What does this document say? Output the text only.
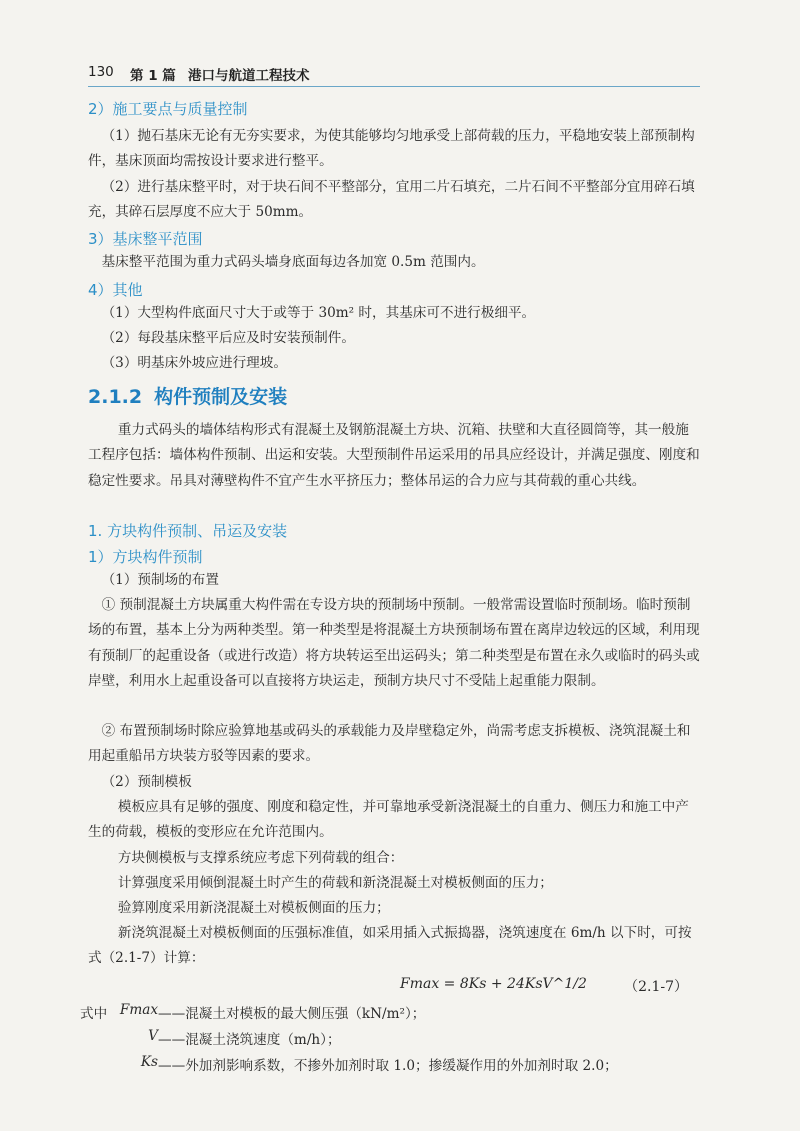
130 第 1 篇 港口与航道工程技术
2）施工要点与质量控制
（1）抛石基床无论有无夯实要求，为使其能够均匀地承受上部荷载的压力，平稳地安装上部预制构件，基床顶面均需按设计要求进行整平。
（2）进行基床整平时，对于块石间不平整部分，宜用二片石填充，二片石间不平整部分宜用碎石填充，其碎石层厚度不应大于 50mm。
3）基床整平范围
基床整平范围为重力式码头墙身底面每边各加宽 0.5m 范围内。
4）其他
（1）大型构件底面尺寸大于或等于 30m² 时，其基床可不进行极细平。
（2）每段基床整平后应及时安装预制件。
（3）明基床外坡应进行理坡。
2.1.2 构件预制及安装
重力式码头的墙体结构形式有混凝土及钢筋混凝土方块、沉箱、扶壁和大直径圆筒等，其一般施工程序包括：墙体构件预制、出运和安装。大型预制件吊运采用的吊具应经设计，并满足强度、刚度和稳定性要求。吊具对薄壁构件不宜产生水平挤压力；整体吊运的合力应与其荷载的重心共线。
1. 方块构件预制、吊运及安装
1）方块构件预制
（1）预制场的布置
① 预制混凝土方块属重大构件需在专设方块的预制场中预制。一般常需设置临时预制场。临时预制场的布置，基本上分为两种类型。第一种类型是将混凝土方块预制场布置在离岸边较远的区域，利用现有预制厂的起重设备（或进行改造）将方块转运至出运码头；第二种类型是布置在永久或临时的码头或岸壁，利用水上起重设备可以直接将方块运走，预制方块尺寸不受陆上起重能力限制。
② 布置预制场时除应验算地基或码头的承载能力及岸壁稳定外，尚需考虑支拆模板、浇筑混凝土和用起重船吊方块装方驳等因素的要求。
（2）预制模板
模板应具有足够的强度、刚度和稳定性，并可靠地承受新浇混凝土的自重力、侧压力和施工中产生的荷载，模板的变形应在允许范围内。
方块侧模板与支撑系统应考虑下列荷载的组合：
计算强度采用倾倒混凝土时产生的荷载和新浇混凝土对模板侧面的压力；
验算刚度采用新浇混凝土对模板侧面的压力；
新浇筑混凝土对模板侧面的压强标准值，如采用插入式振捣器，浇筑速度在 6m/h 以下时，可按式（2.1-7）计算：
Fmax = 8Ks + 24KsV^1/2	（2.1-7）
式中 Fmax ——混凝土对模板的最大侧压强（kN/m²）；
V ——混凝土浇筑速度（m/h）；
Ks ——外加剂影响系数，不掺外加剂时取 1.0；掺缓凝作用的外加剂时取 2.0；
